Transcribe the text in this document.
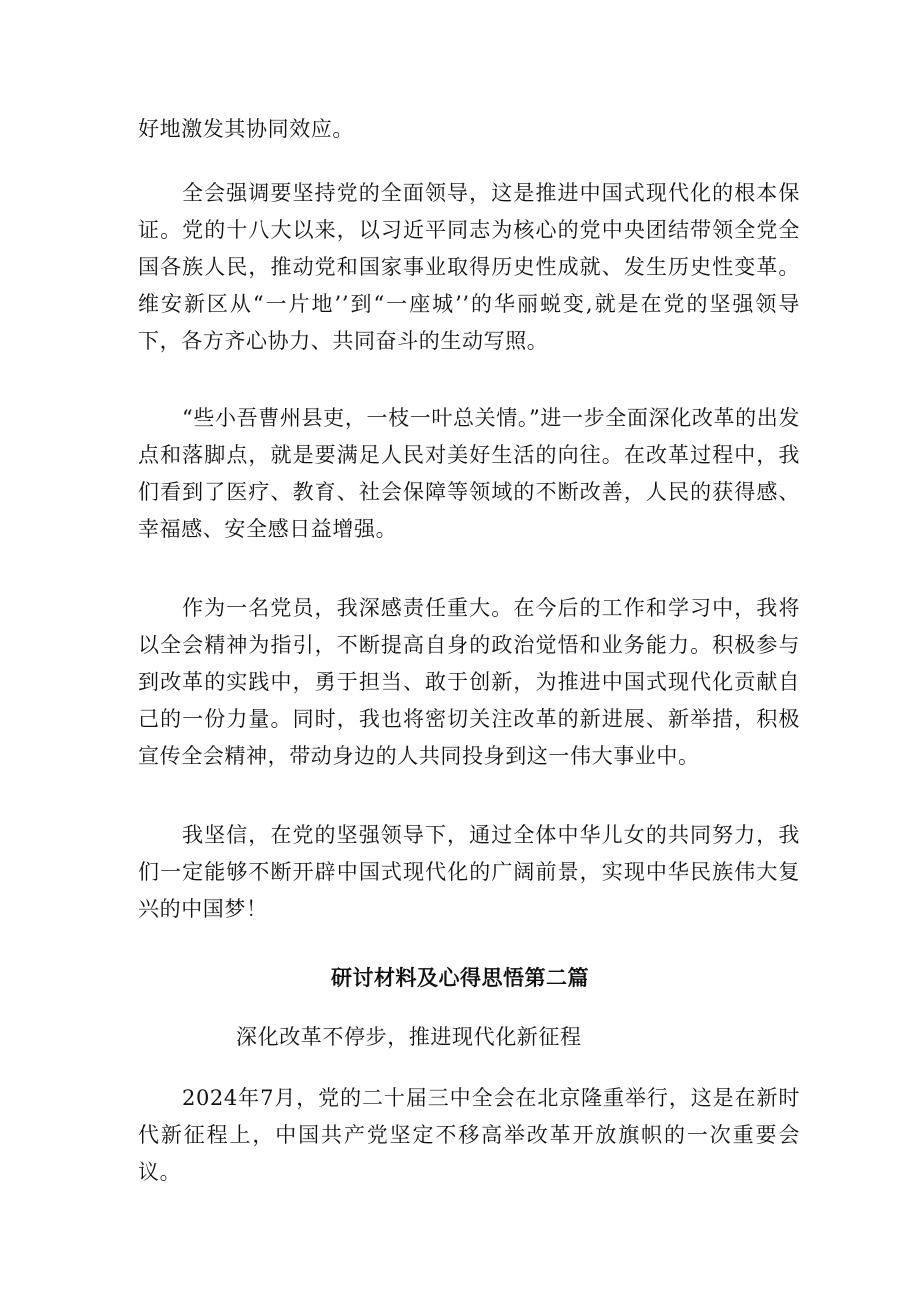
好地激发其协同效应。

全会强调要坚持党的全面领导，这是推进中国式现代化的根本保证。党的十八大以来，以习近平同志为核心的党中央团结带领全党全国各族人民，推动党和国家事业取得历史性成就、发生历史性变革。维安新区从“一片地’’到“一座城’’的华丽蜕变,就是在党的坚强领导下，各方齐心协力、共同奋斗的生动写照。

“些小吾曹州县吏，一枝一叶总关情。”进一步全面深化改革的出发点和落脚点，就是要满足人民对美好生活的向往。在改革过程中，我们看到了医疗、教育、社会保障等领域的不断改善，人民的获得感、幸福感、安全感日益增强。

作为一名党员，我深感责任重大。在今后的工作和学习中，我将以全会精神为指引，不断提高自身的政治觉悟和业务能力。积极参与到改革的实践中，勇于担当、敢于创新，为推进中国式现代化贡献自己的一份力量。同时，我也将密切关注改革的新进展、新举措，积极宣传全会精神，带动身边的人共同投身到这一伟大事业中。

我坚信，在党的坚强领导下，通过全体中华儿女的共同努力，我们一定能够不断开辟中国式现代化的广阔前景，实现中华民族伟大复兴的中国梦！

研讨材料及心得思悟第二篇

深化改革不停步，推进现代化新征程

2024年7月，党的二十届三中全会在北京隆重举行，这是在新时代新征程上，中国共产党坚定不移高举改革开放旗帜的一次重要会议。
